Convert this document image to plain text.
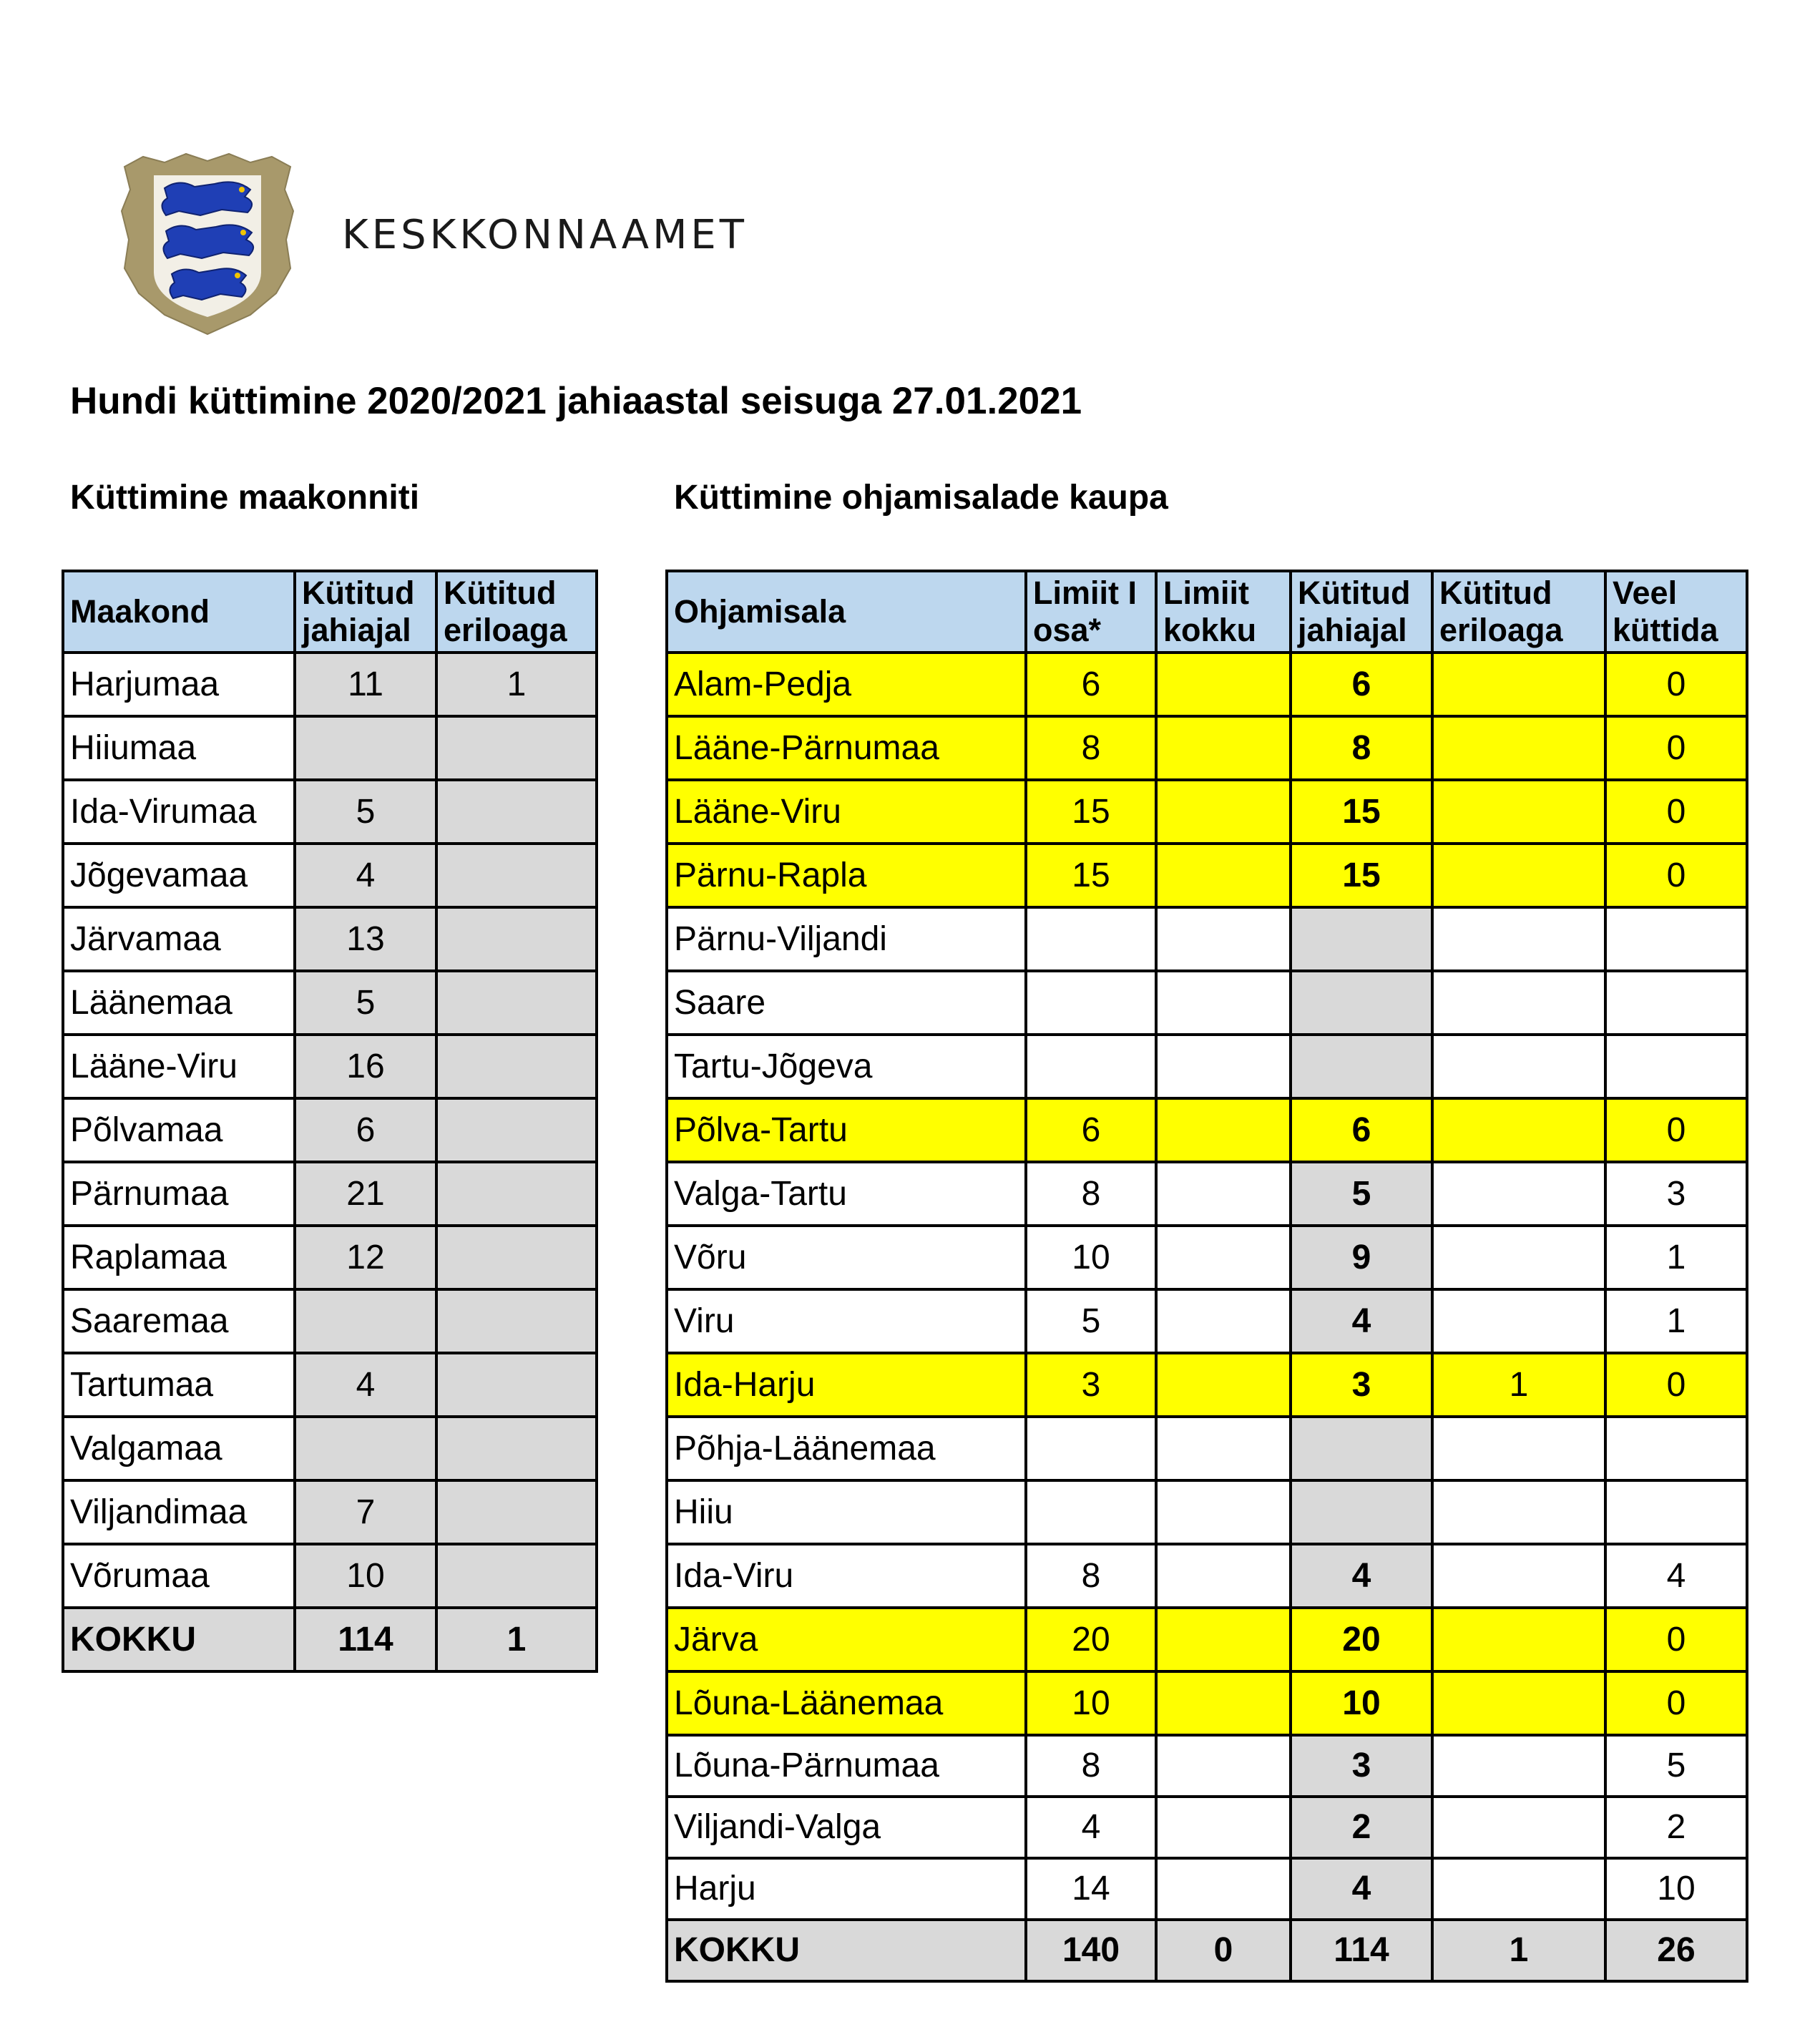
KESKKONNAAMET
Hundi küttimine 2020/2021 jahiaastal seisuga 27.01.2021
Küttimine maakonniti	Küttimine ohjamisalade kaupa
Maakond	Kütitud jahiajal	Kütitud eriloaga
Harjumaa	11	1
Hiiumaa		
Ida-Virumaa	5	
Jõgevamaa	4	
Järvamaa	13	
Läänemaa	5	
Lääne-Viru	16	
Põlvamaa	6	
Pärnumaa	21	
Raplamaa	12	
Saaremaa		
Tartumaa	4	
Valgamaa		
Viljandimaa	7	
Võrumaa	10	
KOKKU	114	1
Ohjamisala	Limiit I osa*	Limiit kokku	Kütitud jahiajal	Kütitud eriloaga	Veel küttida
Alam-Pedja	6		6		0
Lääne-Pärnumaa	8		8		0
Lääne-Viru	15		15		0
Pärnu-Rapla	15		15		0
Pärnu-Viljandi					
Saare					
Tartu-Jõgeva					
Põlva-Tartu	6		6		0
Valga-Tartu	8		5		3
Võru	10		9		1
Viru	5		4		1
Ida-Harju	3		3	1	0
Põhja-Läänemaa					
Hiiu					
Ida-Viru	8		4		4
Järva	20		20		0
Lõuna-Läänemaa	10		10		0
Lõuna-Pärnumaa	8		3		5
Viljandi-Valga	4		2		2
Harju	14		4		10
KOKKU	140	0	114	1	26
